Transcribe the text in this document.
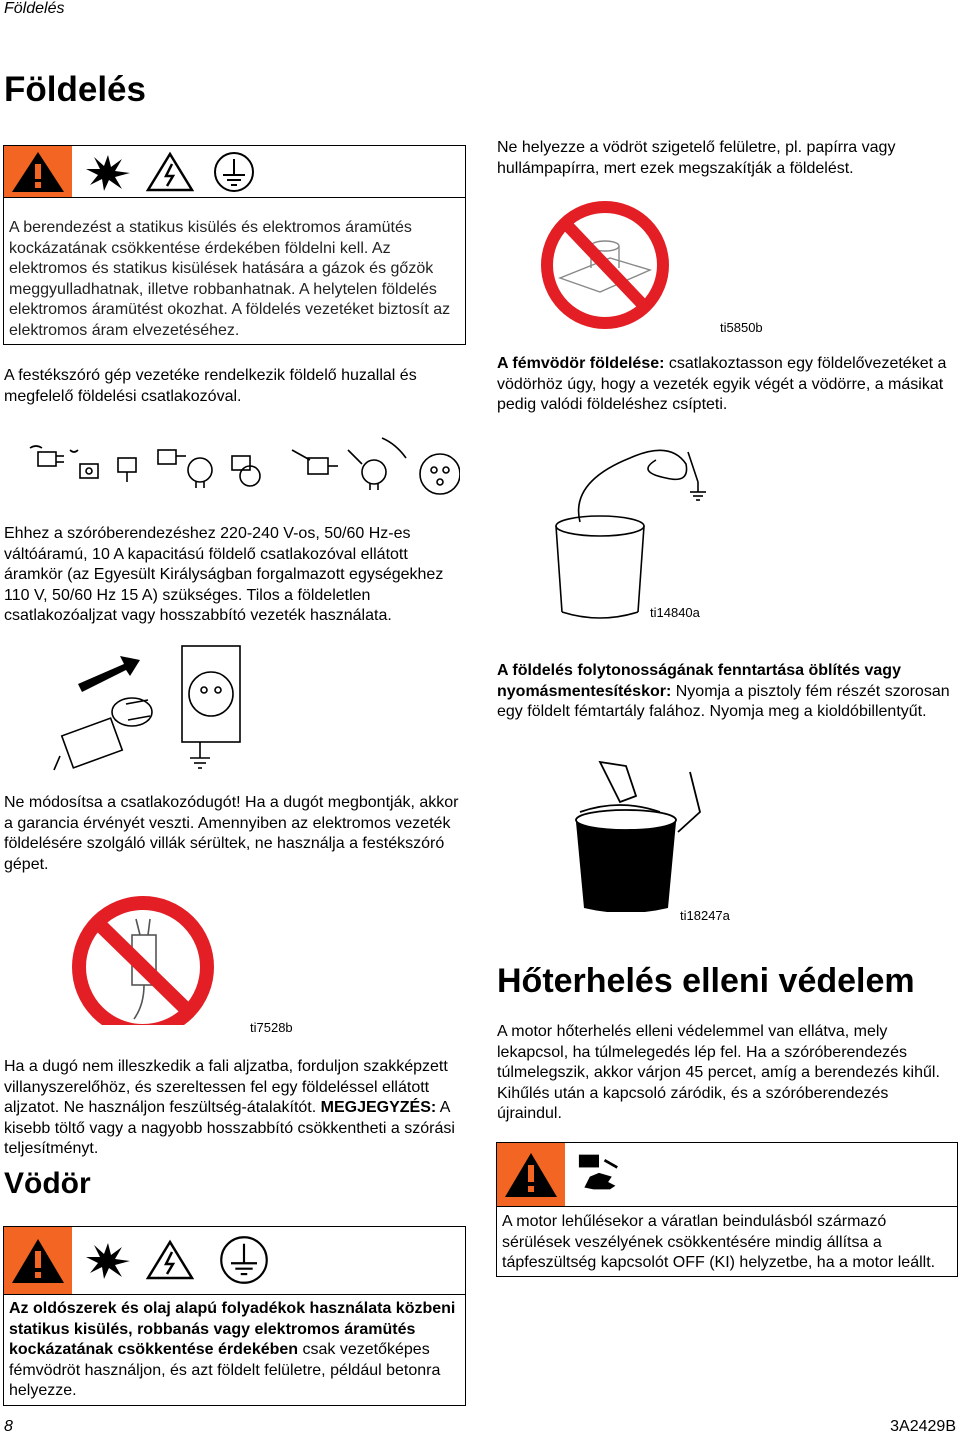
Földelés
Földelés
A berendezést a statikus kisülés és elektromos áramütés kockázatának csökkentése érdekében földelni kell. Az elektromos és statikus kisülések hatására a gázok és gőzök meggyulladhatnak, illetve robbanhatnak. A helytelen földelés elektromos áramütést okozhat. A földelés vezetéket biztosít az elektromos áram elvezetéséhez.
A festékszóró gép vezetéke rendelkezik földelő huzallal és megfelelő földelési csatlakozóval.
Ehhez a szóróberendezéshez 220-240 V-os, 50/60 Hz-es váltóáramú, 10 A kapacitású földelő csatlakozóval ellátott áramkör (az Egyesült Királyságban forgalmazott egységekhez 110 V, 50/60 Hz 15 A) szükséges. Tilos a földeletlen csatlakozóaljzat vagy hosszabbító vezeték használata.
Ne módosítsa a csatlakozódugót! Ha a dugót megbontják, akkor a garancia érvényét veszti. Amennyiben az elektromos vezeték földelésére szolgáló villák sérültek, ne használja a festékszóró gépet.
ti7528b
Ha a dugó nem illeszkedik a fali aljzatba, forduljon szakképzett villanyszerelőhöz, és szereltessen fel egy földeléssel ellátott aljzatot. Ne használjon feszültség-átalakítót. MEGJEGYZÉS: A kisebb töltő vagy a nagyobb hosszabbító csökkentheti a szórási teljesítményt.
Vödör
Az oldószerek és olaj alapú folyadékok használata közbeni statikus kisülés, robbanás vagy elektromos áramütés kockázatának csökkentése érdekében csak vezetőképes fémvödröt használjon, és azt földelt felületre, például betonra helyezze.
Ne helyezze a vödröt szigetelő felületre, pl. papírra vagy hullámpapírra, mert ezek megszakítják a földelést.
ti5850b
A fémvödör földelése: csatlakoztasson egy földelővezetéket a vödörhöz úgy, hogy a vezeték egyik végét a vödörre, a másikat pedig valódi földeléshez csípteti.
ti14840a
A földelés folytonosságának fenntartása öblítés vagy nyomásmentesítéskor: Nyomja a pisztoly fém részét szorosan egy földelt fémtartály falához. Nyomja meg a kioldóbillentyűt.
ti18247a
Hőterhelés elleni védelem
A motor hőterhelés elleni védelemmel van ellátva, mely lekapcsol, ha túlmelegedés lép fel. Ha a szóróberendezés túlmelegszik, akkor várjon 45 percet, amíg a berendezés kihűl. Kihűlés után a kapcsoló záródik, és a szóróberendezés újraindul.
A motor lehűlésekor a váratlan beindulásból származó sérülések veszélyének csökkentésére mindig állítsa a tápfeszültség kapcsolót OFF (KI) helyzetbe, ha a motor leállt.
8	3A2429B
